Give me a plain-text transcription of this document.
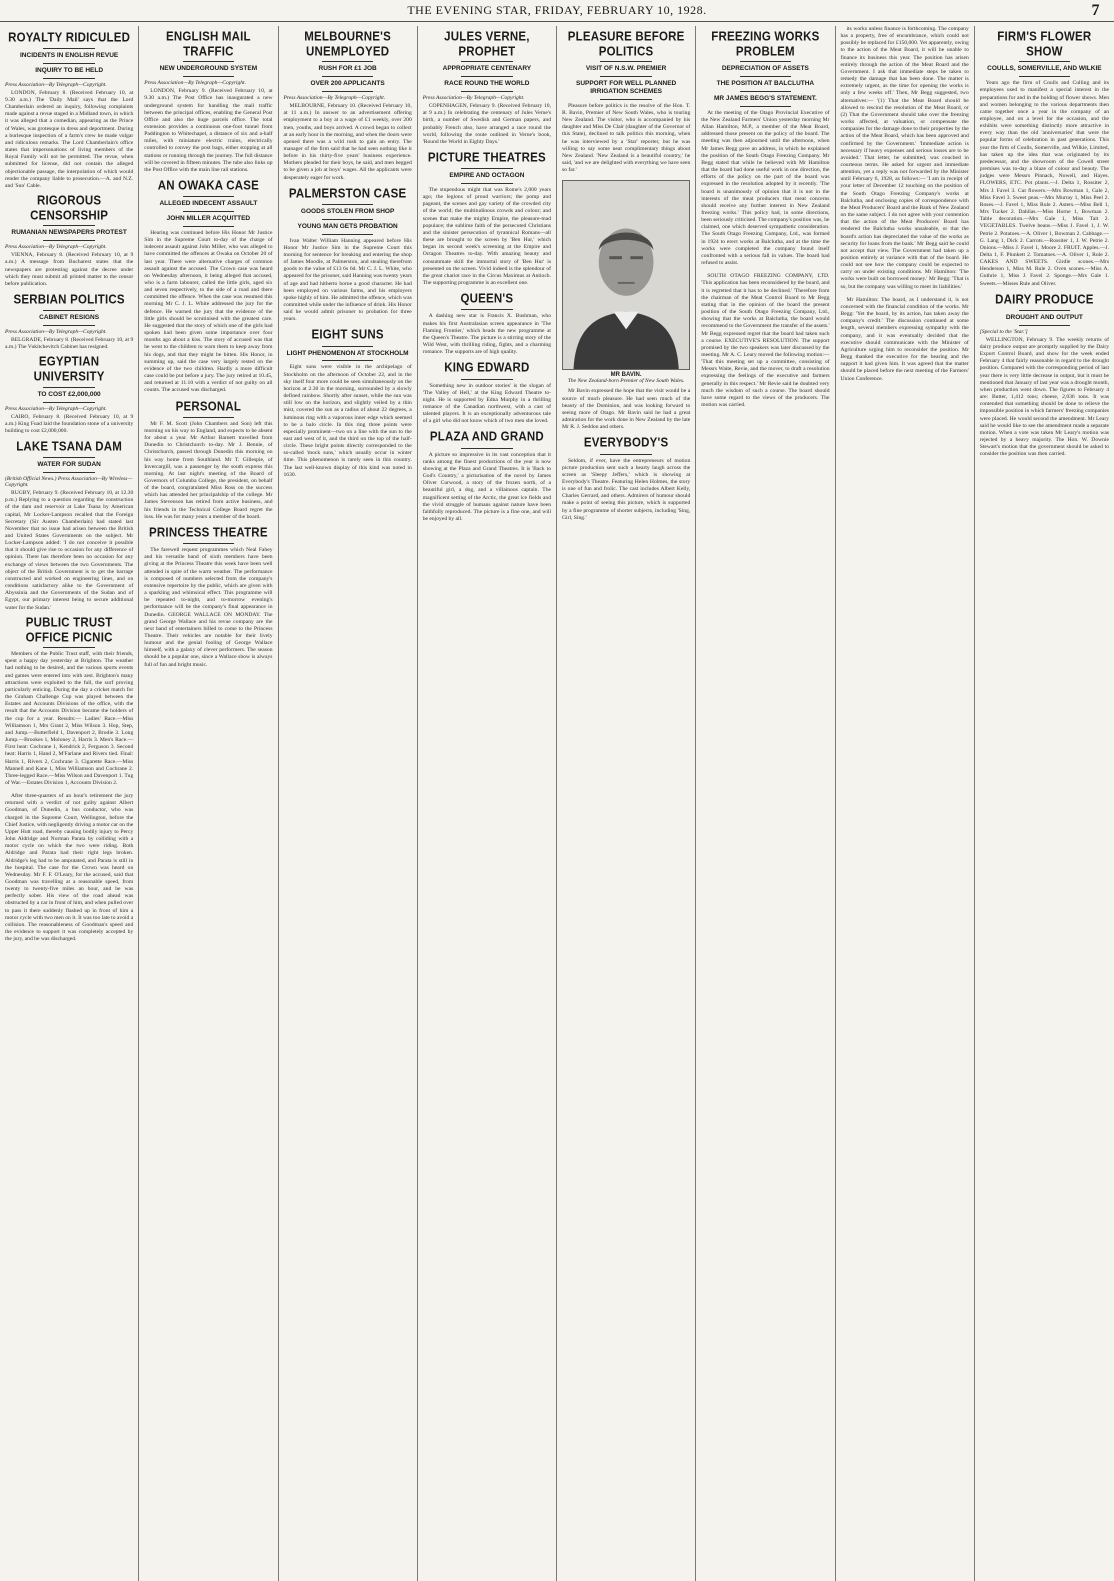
THE EVENING STAR, FRIDAY, FEBRUARY 10, 1928.	7
ROYALTY RIDICULED
INCIDENTS IN ENGLISH REVUE
INQUIRY TO BE HELD
Press Association—By Telegraph—Copyright.

LONDON, February 8. (Received February 10, at 9.30 a.m.) The 'Daily Mail' says that the Lord Chamberlain ordered an inquiry, following complaints made against a revue staged in a Midland town, in which it was alleged that a comedian, appearing as the Prince of Wales, was grotesque in dress and deportment. During a burlesque inspection of a farm's crew he made vulgar and ridiculous remarks. The Lord Chamberlain's office states that impersonations of living members of the Royal Family will not be permitted. The revue, when submitted for license, did not contain the alleged objectionable passage, the interpolation of which would render the company liable to prosecution.—A. and N.Z. and 'Sun' Cable.

RIGOROUS CENSORSHIP
RUMANIAN NEWSPAPERS PROTEST
Press Association—By Telegraph—Copyright.

VIENNA, February 8. (Received February 10, at 9 a.m.) A message from Bucharest states that the newspapers are protesting against the decree under which they must submit all printed matter to the censor before publication.

SERBIAN POLITICS
CABINET RESIGNS
Press Association—By Telegraph—Copyright.

BELGRADE, February 8. (Received February 10, at 9 a.m.) The Vukitchevitch Cabinet has resigned.

EGYPTIAN UNIVERSITY
TO COST £2,000,000
Press Association—By Telegraph—Copyright.

CAIRO, February 8. (Received February 10, at 9 a.m.) King Fuad laid the foundation stone of a university building to cost £2,000,000.

LAKE TSANA DAM
WATER FOR SUDAN
(British Official News.) Press Association—By Wireless—Copyright.

RUGBY, February 9. (Received February 10, at 12.30 p.m.) Replying to a question regarding the construction of the dam and reservoir at Lake Tsana by American capital, Mr Locker-Lampson recalled that the Foreign Secretary (Sir Austen Chamberlain) had stated last November that no issue had arisen between the British and United States Governments on the subject. Mr Locker-Lampson added: 'I do not conceive it possible that it should give rise to occasion for any difference of opinion. There has therefore been no occasion for any exchange of views between the two Governments. The object of the British Government is to get the barrage constructed and worked on engineering lines, and on conditions satisfactory alike to the Government of Abyssinia and the Governments of the Sudan and of Egypt, our primary interest being to secure additional water for the Sudan.'

PUBLIC TRUST OFFICE PICNIC

Members of the Public Trust staff, with their friends, spent a happy day yesterday at Brighton. The weather had nothing to be desired, and the various sports events and games were entered into with zest. Brighton's many attractions were exploited to the full, the surf proving particularly enticing. During the day a cricket match for the Graham Challenge Cup was played between the Estates and Accounts Divisions of the office, with the result that the Accounts Division became the holders of the cup for a year. Results:— Ladies' Race.—Miss Williamson 1, Mrs Grant 2, Miss Wilson 3. Hop, Step, and Jump.—Butterfield 1, Davenport 2, Brodie 3. Long Jump.—Brookes 1, Moloney 2, Harris 3. Men's Race.—First heat: Cochrane 1, Kendrick 2, Ferguson 3. Second heat: Harris 1, Hand 2, M'Farlane and Rivers tied. Final: Harris 1, Rivers 2, Cochrane 3. Cigarette Race.—Miss Mannell and Kane 1, Miss Williamson and Cochrane 2. Three-legged Race.—Miss Wilson and Davenport 1. Tug of War.—Estates Division 1, Accounts Division 2.

After three-quarters of an hour's retirement the jury returned with a verdict of not guilty against Albert Goodman, of Dunedin, a bus conductor, who was charged in the Supreme Court, Wellington, before the Chief Justice, with negligently driving a motor car on the Upper Hutt road, thereby causing bodily injury to Percy John Aldridge and Norman Parata by colliding with a motor cycle on which the two were riding. Both Aldridge and Parata had their right legs broken. Aldridge's leg had to be amputated, and Parata is still in the hospital. The case for the Crown was heard on Wednesday. Mr F. F. O'Leary, for the accused, said that Goodman was travelling at a reasonable speed, from twenty to twenty-five miles an hour, and he was perfectly sober. His view of the road ahead was obstructed by a car in front of him, and when pulled over to pass it there suddenly flashed up in front of him a motor cycle with two men on it. It was too late to avoid a collision. The reasonableness of Goodman's speed and the evidence to support it was completely accepted by the jury, and he was discharged.

ENGLISH MAIL TRAFFIC
NEW UNDERGROUND SYSTEM
Press Association—By Telegraph—Copyright.

LONDON, February 9. (Received February 10, at 9.30 a.m.) The Post Office has inaugurated a new underground system for handling the mail traffic between the principal offices, enabling the General Post Office and also the huge parcels office. The total extension provides a continuous one-foot tunnel from Paddington to Whitechapel, a distance of six and a-half miles, with miniature electric trains, electrically controlled to convey the post bags, either stopping at all stations or running through the journey. The full distance will be covered in fifteen minutes. The tube also links up the Post Office with the main line rail stations.

AN OWAKA CASE
ALLEGED INDECENT ASSAULT
JOHN MILLER ACQUITTED

Hearing was continued before His Honor Mr Justice Sim in the Supreme Court to-day of the charge of indecent assault against John Miller, who was alleged to have committed the offences at Owaka on October 20 of last year. There were alternative charges of common assault against the accused. The Crown case was heard on Wednesday afternoon, it being alleged that accused, who is a farm labourer, called the little girls, aged six and seven respectively, to the side of a road and there committed the offence. When the case was resumed this morning Mr C. J. L. White addressed the jury for the defence. He warned the jury that the evidence of the little girls should be scrutinised with the greatest care. He suggested that the story of which one of the girls had spoken had been given some importance over four months ago about a kiss. The story of accused was that he went to the children to warn them to keep away from his dogs, and that they might be bitten. His Honor, in summing up, said the case very largely rested on the evidence of the two children. Hardly a more difficult case could be put before a jury. The jury retired at 10.45, and returned at 11.10 with a verdict of not guilty on all counts. The accused was discharged.

PERSONAL

Mr F. M. Scott (John Chambers and Son) left this morning on his way to England, and expects to be absent for about a year. Mr Arthur Barnett travelled from Dunedin to Christchurch to-day. Mr J. Bennie, of Christchurch, passed through Dunedin this morning on his way home from Southland. Mr T. Gillespie, of Invercargill, was a passenger by the south express this morning. At last night's meeting of the Board of Governors of Columba College, the president, on behalf of the board, congratulated Miss Ross on the success which has attended her principalship of the college. Mr James Stevenson has retired from active business, and his friends in the Technical College Board regret the loss. He was for many years a member of the board.

PRINCESS THEATRE

The farewell request programmes which Neal Fahey and his versatile band of sixth members have been giving at the Princess Theatre this week have been well attended in spite of the warm weather. The performance is composed of numbers selected from the company's extensive repertoire by the public, which are given with a sparkling and whimsical effect. This programme will be repeated to-night, and to-morrow evening's performance will be the company's final appearance in Dunedin. GEORGE WALLACE ON MONDAY. The grand George Wallace and his revue company are the next band of entertainers billed to come to the Princess Theatre. Their vehicles are notable for their lively humour and the genial fooling of George Wallace himself, with a galaxy of clever performers. The season should be a popular one, since a Wallace show is always full of fun and bright music.

MELBOURNE'S UNEMPLOYED
RUSH FOR £1 JOB
OVER 200 APPLICANTS
Press Association—By Telegraph—Copyright.

MELBOURNE, February 10. (Received February 10, at 11 a.m.) In answer to an advertisement offering employment to a boy at a wage of £1 weekly, over 200 men, youths, and boys arrived. A crowd began to collect at an early hour in the morning, and when the doors were opened there was a wild rush to gain an entry. The manager of the firm said that he had seen nothing like it before in his thirty-five years' business experience. Mothers pleaded for their boys, he said, and men begged to be given a job at boys' wages. All the applicants were desperately eager for work.

PALMERSTON CASE
GOODS STOLEN FROM SHOP
YOUNG MAN GETS PROBATION

Ivan Walter William Hanning appeared before His Honor Mr Justice Sim in the Supreme Court this morning for sentence for breaking and entering the shop of James Moodie, at Palmerston, and stealing therefrom goods to the value of £13 6s 6d. Mr C. J. L. White, who appeared for the prisoner, said Hanning was twenty years of age and had hitherto borne a good character. He had been employed on various farms, and his employers spoke highly of him. He admitted the offence, which was committed while under the influence of drink. His Honor said he would admit prisoner to probation for three years.

EIGHT SUNS
LIGHT PHENOMENON AT STOCKHOLM

Eight suns were visible in the archipelago of Stockholm on the afternoon of October 22, and in the sky itself four more could be seen simultaneously on the horizon at 2.30 in the morning, surrounded by a slowly defined rainbow. Shortly after sunset, while the sun was still low on the horizon, and slightly veiled by a thin mist, covered the sun as a radius of about 22 degrees, a luminous ring with a vaporous inner edge which seemed to be a halo circle. In this ring three points were especially prominent—two on a line with the sun to the east and west of it, and the third on the top of the half-circle. These bright points directly corresponded to the so-called 'mock suns,' which usually occur in winter time. This phenomenon is rarely seen in this country. The last well-known display of this kind was noted in 1630.

JULES VERNE, PROPHET
APPROPRIATE CENTENARY
RACE ROUND THE WORLD
Press Association—By Telegraph—Copyright.

COPENHAGEN, February 9. (Received February 10, at 9 a.m.) In celebrating the centenary of Jules Verne's birth, a number of Swedish and German papers, and probably French also, have arranged a race round the world, following the route outlined in Verne's book, 'Round the World in Eighty Days.'

PICTURE THEATRES
EMPIRE AND OCTAGON

The stupendous might that was Rome's 2,000 years ago; the legions of proud warriors; the pomp and pageant, the scenes and gay variety of the crowded city of the world; the multitudinous crowds and colour; and scenes that make the mighty Empire, the pleasure-mad populace; the sublime faith of the persecuted Christians and the sinister persecution of tyrannical Romans—all these are brought to the screen by 'Ben Hur,' which began its second week's screening at the Empire and Octagon Theatres to-day. With amazing beauty and consummate skill the immortal story of 'Ben Hur' is presented on the screen. Vivid indeed is the splendour of the great chariot race in the Circus Maximus at Antioch. The supporting programme is an excellent one.

QUEEN'S

A dashing new star is Francis X. Bushman, who makes his first Australasian screen appearance in 'The Flaming Frontier,' which heads the new programme at the Queen's Theatre. The picture is a stirring story of the Wild West, with thrilling riding, fights, and a charming romance. The supports are of high quality.

KING EDWARD

'Something new in outdoor stories' is the slogan of 'The Valley of Hell,' at the King Edward Theatre to-night. He is supported by Edna Murphy in a thrilling romance of the Canadian northwest, with a cast of talented players. It is an exceptionally adventurous tale of a girl who did not know which of two men she loved.

PLAZA AND GRAND

A picture so impressive in its vast conception that it ranks among the finest productions of the year is now showing at the Plaza and Grand Theatres. It is 'Back to God's Country,' a picturisation of the novel by James Oliver Curwood, a story of the frozen north, of a beautiful girl, a dog, and a villainous captain. The magnificent setting of the Arctic, the great ice fields and the vivid struggle of humans against nature have been faithfully reproduced. The picture is a fine one, and will be enjoyed by all.

PLEASURE BEFORE POLITICS
VISIT OF N.S.W. PREMIER
SUPPORT FOR WELL PLANNED IRRIGATION SCHEMES

Pleasure before politics is the resolve of the Hon. T. R. Bavin, Premier of New South Wales, who is touring New Zealand. The visitor, who is accompanied by his daughter and Miss De Clair (daughter of the Governor of this State), declined to talk politics this morning, when he was interviewed by a 'Star' reporter, but he was willing to say some neat complimentary things about New Zealand. 'New Zealand is a beautiful country,' he said, 'and we are delighted with everything we have seen so far.'

MR BAVIN.
The New Zealand-born Premier of New South Wales.

Mr Bavin expressed the hope that the visit would be a source of much pleasure. He had seen much of the beauty of the Dominion, and was looking forward to seeing more of Otago. Mr Bavin said he had a great admiration for the work done in New Zealand by the late Mr R. J. Seddon and others.

EVERYBODY'S

Seldom, if ever, have the entrepreneurs of motion picture production sent such a hearty laugh across the screen as 'Sleepy Jeffers,' which is showing at Everybody's Theatre. Featuring Helen Holmes, the story is one of fun and frolic. The cast includes Albert Kelly, Charles Gerrard, and others. Admirers of humour should make a point of seeing this picture, which is supported by a fine programme of shorter subjects, including 'Sing, Girl, Sing.'

FREEZING WORKS PROBLEM
DEPRECIATION OF ASSETS
THE POSITION AT BALCLUTHA
MR JAMES BEGG'S STATEMENT.

At the meeting of the Otago Provincial Executive of the New Zealand Farmers' Union yesterday morning Mr Allan Hamilton, M.P., a member of the Meat Board, addressed those present on the policy of the board. The meeting was then adjourned until the afternoon, when Mr James Begg gave an address, in which he explained the position of the South Otago Freezing Company. Mr Begg stated that while he believed with Mr Hamilton that the board had done useful work in one direction, the efforts of the policy on the part of the board was expressed in the resolution adopted by it recently. 'The board is unanimously of opinion that it is not in the interests of the meat producers that meat concerns should receive any further interest in New Zealand freezing works.' This policy had, in some directions, been seriously criticised. The company's position was, he claimed, one which deserved sympathetic consideration. The South Otago Freezing Company, Ltd., was formed in 1924 to erect works at Balclutha, and at the time the works were completed the company found itself confronted with a serious fall in values. The board had refused to assist.

SOUTH OTAGO FREEZING COMPANY, LTD. 'This application has been reconsidered by the board, and it is regretted that it has to be declined.' 'Therefore from the chairman of the Meat Control Board to Mr Begg stating that in the opinion of the board the present position of the South Otago Freezing Company, Ltd., showing that the works at Balclutha, the board would recommend to the Government the transfer of the assets.' Mr Begg expressed regret that the board had taken such a course. EXECUTIVE'S RESOLUTION. The support promised by the two speakers was later discussed by the meeting. Mr A. C. Leary moved the following motion:— 'That this meeting set up a committee, consisting of Messrs Waite, Revie, and the mover, to draft a resolution expressing the feelings of the executive and farmers generally in this respect.' Mr Revie said he doubted very much the wisdom of such a course. The board should have some regard to the views of the producers. The motion was carried.

its works unless finance is forthcoming. The company has a property, free of encumbrance, which could not possibly be replaced for £150,000. Yet apparently, owing to the action of the Meat Board, it will be unable to finance its business this year. The position has arisen entirely through the action of the Meat Board and the Government. I ask that immediate steps be taken to remedy the damage that has been done. The matter is extremely urgent, as the time for opening the works is only a few weeks off.' Then, Mr Begg suggested, two alternatives:— '(1) That the Meat Board should be allowed to rescind the resolution of the Meat Board, or (2) That the Government should take over the freezing works affected, at valuation, or compensate the companies for the damage done to their properties by the action of the Meat Board, which has been approved and confirmed by the Government.' 'Immediate action is necessary if heavy expenses and serious losses are to be avoided.' That letter, he submitted, was couched in courteous terms. He asked for urgent and immediate attention, yet a reply was not forwarded by the Minister until February 6, 1928, as follows:— 'I am in receipt of your letter of December 12 touching on the position of the South Otago Freezing Company's works at Balclutha, and enclosing copies of correspondence with the Meat Producers' Board and the Bank of New Zealand on the same subject. I do not agree with your contention that the action of the Meat Producers' Board has rendered the Balclutha works unsaleable, or that the board's action has depreciated the value of the works as security for loans from the bank.' Mr Begg said he could not accept that view. The Government had taken up a position entirely at variance with that of the board. He could not see how the company could be expected to carry on under existing conditions. Mr Hamilton: 'The works were built on borrowed money.' Mr Begg: 'That is so, but the company was willing to meet its liabilities.'

Mr Hamilton: The board, as I understand it, is not concerned with the financial condition of the works. Mr Begg: 'Yet the board, by its action, has taken away the company's credit.' The discussion continued at some length, several members expressing sympathy with the company, and it was eventually decided that the executive should communicate with the Minister of Agriculture urging him to reconsider the position. Mr Begg thanked the executive for the hearing and the support it had given him. It was agreed that the matter should be placed before the next meeting of the Farmers' Union Conference.

FIRM'S FLOWER SHOW
COULLS, SOMERVILLE, AND WILKIE

Years ago the firm of Coulls and Culling and its employees used to manifest a special interest in the preparations for and in the holding of flower shows. Men and women belonging to the various departments then came together once a year in the company of an employee, and on a level for the occasion, and the exhibits were something distinctly more attractive in every way than the old 'anniversaries' that were the popular forms of celebration in past generations. This year the firm of Coulls, Somerville, and Wilkie, Limited, has taken up the idea that was originated by its predecessor, and the showroom of the Cowell street premises was to-day a blaze of colour and beauty. The judges were Messrs Pinnack, Nowell, and Hayes. FLOWERS, ETC. Pot plants.—J. Delta 1, Rossiter 2, Mrs J. Favel 3. Cut flowers.—Mrs Bowman 1, Gale 2, Miss Favel 3. Sweet peas.—Mrs Murray 1, Miss Peel 2. Roses.—J. Favel 1, Miss Rule 2. Asters.—Miss Bell 1, Mrs Tucker 2. Dahlias.—Miss Horne 1, Bowman 2. Table decoration.—Mrs Gale 1, Miss Tait 2. VEGETABLES. Twelve beans.—Miss J. Favel 1, J. W. Petrie 2. Potatoes.—A. Oliver 1, Bowman 2. Cabbage.—G. Lang 1, Dick 2. Carrots.—Rossiter 1, J. W. Petrie 2. Onions.—Miss J. Favel 1, Moore 2. FRUIT. Apples.—J. Delta 1, F. Plunkett 2. Tomatoes.—A. Oliver 1, Rule 2. CAKES AND SWEETS. Girdle scones.—Mrs Henderson 1, Miss M. Rule 2. Oven scones.—Miss A. Guthrie 1, Miss J. Favel 2. Sponge.—Mrs Gale 1. Sweets.—Misses Rule and Oliver.

DAIRY PRODUCE
DROUGHT AND OUTPUT
[Special to the 'Star.']

WELLINGTON, February 9. The weekly returns of dairy produce output are promptly supplied by the Dairy Export Control Board, and show for the week ended February 4 that fairly reasonable in regard to the drought position. Compared with the corresponding period of last year there is very little decrease in output, but it must be mentioned that January of last year was a drought month, when production went down. The figures to February 4 are: Butter, 1,412 tons; cheese, 2,036 tons. It was contended that something should be done to relieve the impossible position in which farmers' freezing companies were placed. He would second the amendment. Mr Leary said he would like to see the amendment made a separate motion. When a vote was taken Mr Leary's motion was rejected by a heavy majority. The Hon. W. Downie Stewart's motion that the government should be asked to consider the position was then carried.
